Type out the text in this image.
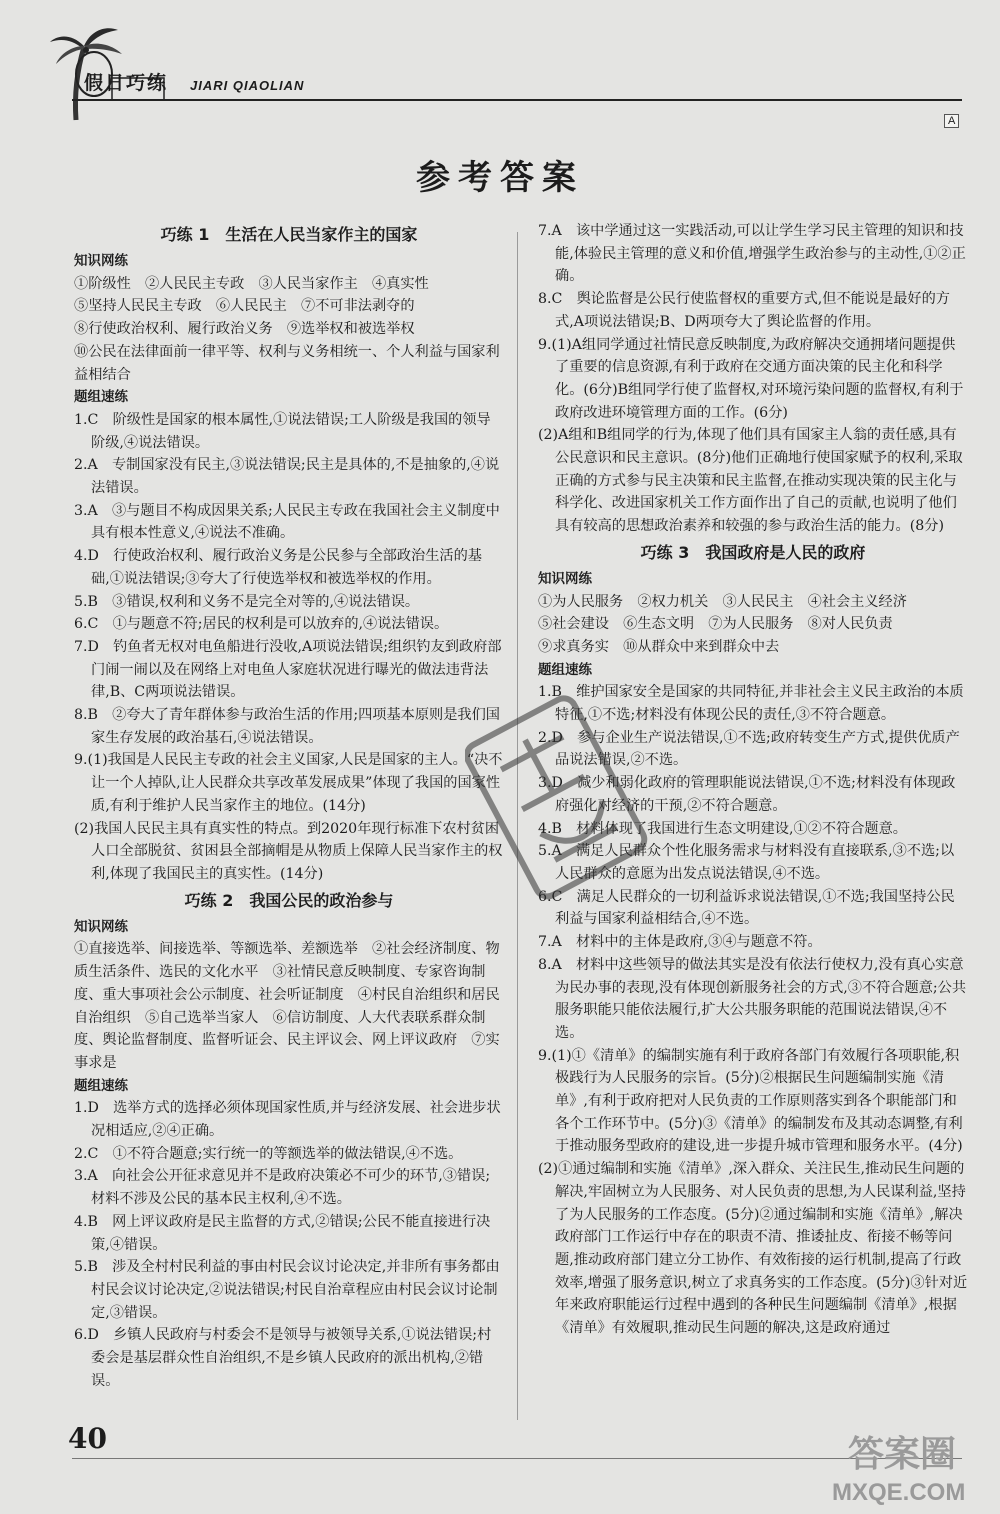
假日巧练 JIARI QIAOLIAN
A
参考答案
巧练 1　生活在人民当家作主的国家
知识网练

①阶级性　②人民民主专政　③人民当家作主　④真实性

⑤坚持人民民主专政　⑥人民民主　⑦不可非法剥夺的

⑧行使政治权利、履行政治义务　⑨选举权和被选举权

⑩公民在法律面前一律平等、权利与义务相统一、个人利益与国家利益相结合

题组速练

1.C　阶级性是国家的根本属性,①说法错误;工人阶级是我国的领导阶级,④说法错误。

2.A　专制国家没有民主,③说法错误;民主是具体的,不是抽象的,④说法错误。

3.A　③与题目不构成因果关系;人民民主专政在我国社会主义制度中具有根本性意义,④说法不准确。

4.D　行使政治权利、履行政治义务是公民参与全部政治生活的基础,①说法错误;③夸大了行使选举权和被选举权的作用。

5.B　③错误,权利和义务不是完全对等的,④说法错误。

6.C　①与题意不符;居民的权利是可以放弃的,④说法错误。

7.D　钓鱼者无权对电鱼船进行没收,A项说法错误;组织钓友到政府部门闹一闹以及在网络上对电鱼人家庭状况进行曝光的做法违背法律,B、C两项说法错误。

8.B　②夸大了青年群体参与政治生活的作用;四项基本原则是我们国家生存发展的政治基石,④说法错误。

9.(1)我国是人民民主专政的社会主义国家,人民是国家的主人。“决不让一个人掉队,让人民群众共享改革发展成果”体现了我国的国家性质,有利于维护人民当家作主的地位。(14分)

(2)我国人民民主具有真实性的特点。到2020年现行标准下农村贫困人口全部脱贫、贫困县全部摘帽是从物质上保障人民当家作主的权利,体现了我国民主的真实性。(14分)

巧练 2　我国公民的政治参与
知识网练

①直接选举、间接选举、等额选举、差额选举　②社会经济制度、物质生活条件、选民的文化水平　③社情民意反映制度、专家咨询制度、重大事项社会公示制度、社会听证制度　④村民自治组织和居民自治组织　⑤自己选举当家人　⑥信访制度、人大代表联系群众制度、舆论监督制度、监督听证会、民主评议会、网上评议政府　⑦实事求是

题组速练

1.D　选举方式的选择必须体现国家性质,并与经济发展、社会进步状况相适应,②④正确。

2.C　①不符合题意;实行统一的等额选举的做法错误,④不选。

3.A　向社会公开征求意见并不是政府决策必不可少的环节,③错误;材料不涉及公民的基本民主权利,④不选。

4.B　网上评议政府是民主监督的方式,②错误;公民不能直接进行决策,④错误。

5.B　涉及全村村民利益的事由村民会议讨论决定,并非所有事务都由村民会议讨论决定,②说法错误;村民自治章程应由村民会议讨论制定,③错误。

6.D　乡镇人民政府与村委会不是领导与被领导关系,①说法错误;村委会是基层群众性自治组织,不是乡镇人民政府的派出机构,②错误。

7.A　该中学通过这一实践活动,可以让学生学习民主管理的知识和技能,体验民主管理的意义和价值,增强学生政治参与的主动性,①②正确。

8.C　舆论监督是公民行使监督权的重要方式,但不能说是最好的方式,A项说法错误;B、D两项夸大了舆论监督的作用。

9.(1)A组同学通过社情民意反映制度,为政府解决交通拥堵问题提供了重要的信息资源,有利于政府在交通方面决策的民主化和科学化。(6分)B组同学行使了监督权,对环境污染问题的监督权,有利于政府改进环境管理方面的工作。(6分)

(2)A组和B组同学的行为,体现了他们具有国家主人翁的责任感,具有公民意识和民主意识。(8分)他们正确地行使国家赋予的权利,采取正确的方式参与民主决策和民主监督,在推动实现决策的民主化与科学化、改进国家机关工作方面作出了自己的贡献,也说明了他们具有较高的思想政治素养和较强的参与政治生活的能力。(8分)

巧练 3　我国政府是人民的政府
知识网练

①为人民服务　②权力机关　③人民民主　④社会主义经济

⑤社会建设　⑥生态文明　⑦为人民服务　⑧对人民负责

⑨求真务实　⑩从群众中来到群众中去

题组速练

1.B　维护国家安全是国家的共同特征,并非社会主义民主政治的本质特征,①不选;材料没有体现公民的责任,③不符合题意。

2.D　参与企业生产说法错误,①不选;政府转变生产方式,提供优质产品说法错误,②不选。

3.D　减少和弱化政府的管理职能说法错误,①不选;材料没有体现政府强化对经济的干预,②不符合题意。

4.B　材料体现了我国进行生态文明建设,①②不符合题意。

5.A　满足人民群众个性化服务需求与材料没有直接联系,③不选;以人民群众的意愿为出发点说法错误,④不选。

6.C　满足人民群众的一切利益诉求说法错误,①不选;我国坚持公民利益与国家利益相结合,④不选。

7.A　材料中的主体是政府,③④与题意不符。

8.A　材料中这些领导的做法其实是没有依法行使权力,没有真心实意为民办事的表现,没有体现创新服务社会的方式,③不符合题意;公共服务职能只能依法履行,扩大公共服务职能的范围说法错误,④不选。

9.(1)①《清单》的编制实施有利于政府各部门有效履行各项职能,积极践行为人民服务的宗旨。(5分)②根据民生问题编制实施《清单》,有利于政府把对人民负责的工作原则落实到各个职能部门和各个工作环节中。(5分)③《清单》的编制发布及其动态调整,有利于推动服务型政府的建设,进一步提升城市管理和服务水平。(4分)

(2)①通过编制和实施《清单》,深入群众、关注民生,推动民生问题的解决,牢固树立为人民服务、对人民负责的思想,为人民谋利益,坚持了为人民服务的工作态度。(5分)②通过编制和实施《清单》,解决政府部门工作运行中存在的职责不清、推诿扯皮、衔接不畅等问题,推动政府部门建立分工协作、有效衔接的运行机制,提高了行政效率,增强了服务意识,树立了求真务实的工作态度。(5分)③针对近年来政府职能运行过程中遇到的各种民生问题编制《清单》,根据《清单》有效履职,推动民生问题的解决,这是政府通过

40	答案圈
MXQE.COM
